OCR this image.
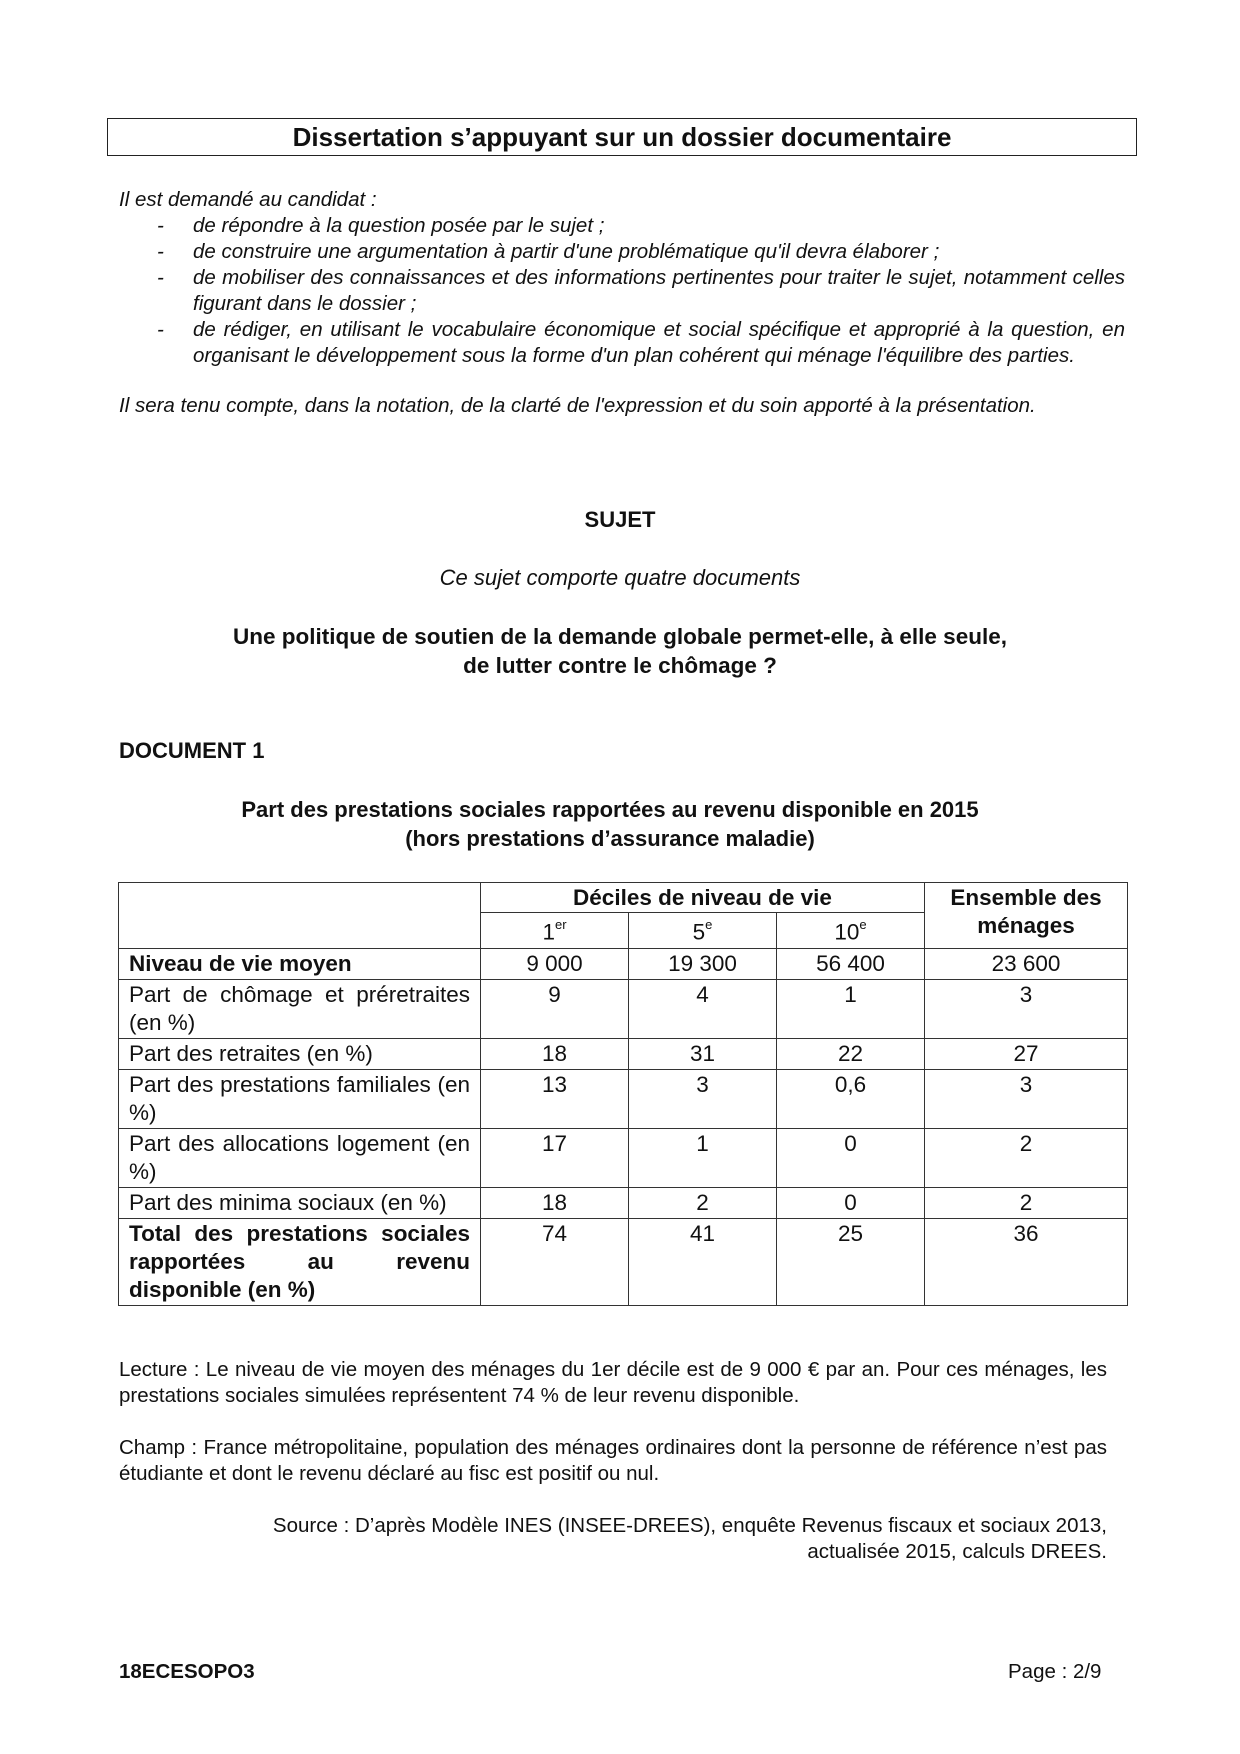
Dissertation s’appuyant sur un dossier documentaire
Il est demandé au candidat :
- de répondre à la question posée par le sujet ;
- de construire une argumentation à partir d'une problématique qu'il devra élaborer ;
- de mobiliser des connaissances et des informations pertinentes pour traiter le sujet, notamment celles figurant dans le dossier ;
- de rédiger, en utilisant le vocabulaire économique et social spécifique et approprié à la question, en organisant le développement sous la forme d'un plan cohérent qui ménage l'équilibre des parties.
Il sera tenu compte, dans la notation, de la clarté de l'expression et du soin apporté à la présentation.
SUJET
Ce sujet comporte quatre documents
Une politique de soutien de la demande globale permet-elle, à elle seule,
de lutter contre le chômage ?
DOCUMENT 1
Part des prestations sociales rapportées au revenu disponible en 2015
(hors prestations d’assurance maladie)
	Déciles de niveau de vie			Ensemble des ménages
	1er	5e	10e
Niveau de vie moyen	9 000	19 300	56 400	23 600
Part de chômage et préretraites (en %)	9	4	1	3
Part des retraites (en %)	18	31	22	27
Part des prestations familiales (en %)	13	3	0,6	3
Part des allocations logement (en %)	17	1	0	2
Part des minima sociaux (en %)	18	2	0	2
Total des prestations sociales rapportées au revenu disponible (en %)	74	41	25	36
Lecture : Le niveau de vie moyen des ménages du 1er décile est de 9 000 € par an. Pour ces ménages, les prestations sociales simulées représentent 74 % de leur revenu disponible.
Champ : France métropolitaine, population des ménages ordinaires dont la personne de référence n’est pas étudiante et dont le revenu déclaré au fisc est positif ou nul.
Source : D’après Modèle INES (INSEE-DREES), enquête Revenus fiscaux et sociaux 2013,
actualisée 2015, calculs DREES.
18ECESOPO3	Page : 2/9
